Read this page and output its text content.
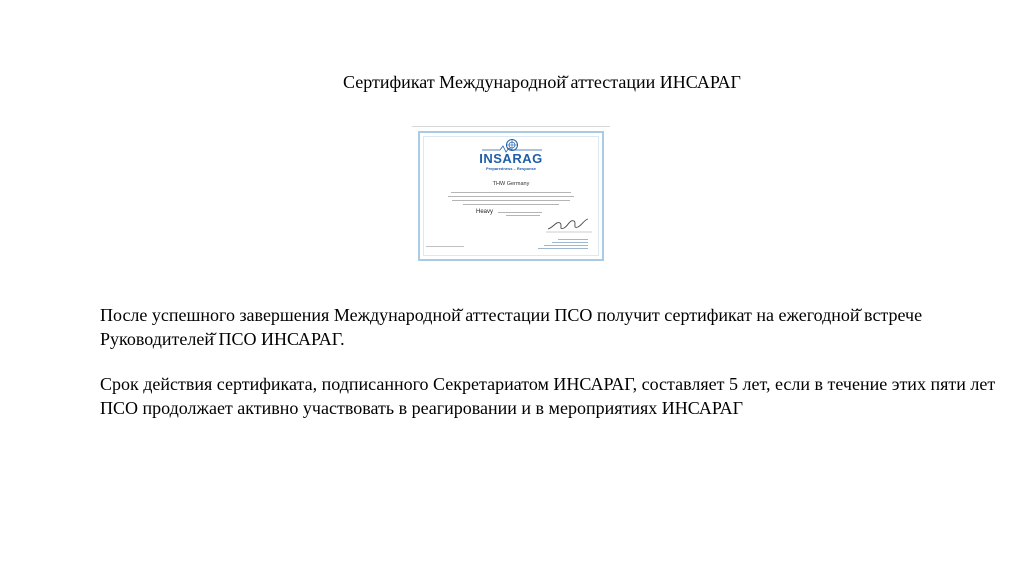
Сертификат Международной̆ аттестации ИНСАРАГ
INSARAG
Preparedness – Response
THW Germany
Heavy
После успешного завершения Международной̆ аттестации ПСО получит сертификат на ежегодной̆ встрече Руководителей̆ ПСО ИНСАРАГ.
Срок действия сертификата, подписанного Секретариатом ИНСАРАГ, составляет 5 лет, если в течение этих пяти лет ПСО продолжает активно участвовать в реагировании и в мероприятиях ИНСАРАГ
